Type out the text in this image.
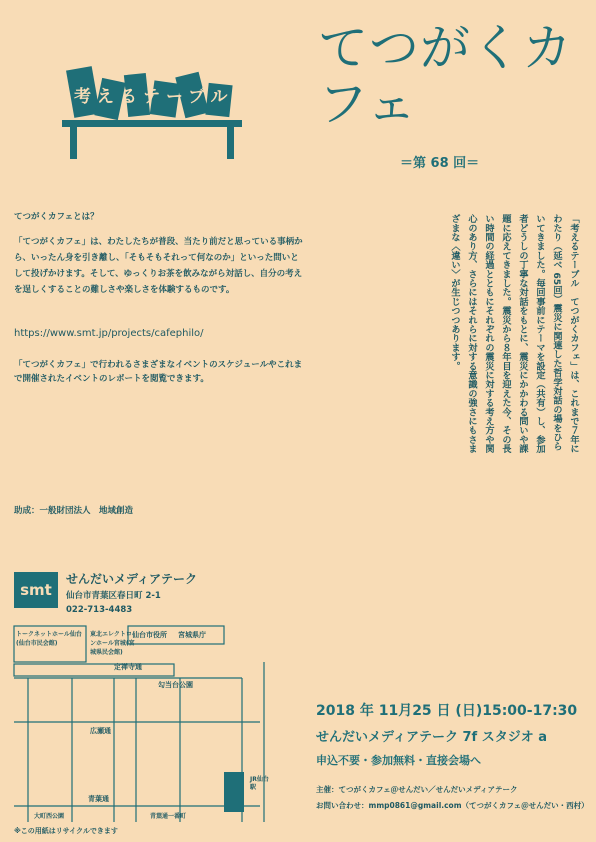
考えるテーブル
てつがくカフェ
＝第 68 回＝
「考えるテーブル　てつがくカフェ」は、これまで７年にわたり（延べ 65回）震災に関連した哲学対話の場をひらいてきました。毎回事前にテーマを設定（共有）し、参加者どうしの丁寧な対話をもとに、震災にかかわる問いや課題に応えてきました。震災から８年目を迎えた今、その長い時間の経過とともにそれぞれの震災に対する考え方や関心のあり方、さらにはそれらに対する意識の強さにもさまざまな〈違い〉が生じつつあります。
てつがくカフェとは？
「てつがくカフェ」は、わたしたちが普段、当たり前だと思っている事柄から、いったん身を引き離し、「そもそもそれって何なのか」といった問いとして投げかけます。そして、ゆっくりお茶を飲みながら対話し、自分の考えを逞しくすることの難しさや楽しさを体験するものです。
https://www.smt.jp/projects/cafephilo/
「てつがくカフェ」で行われるさまざまなイベントのスケジュールやこれまで開催されたイベントのレポートを閲覧できます。
助成：一般財団法人　地域創造
smt
せんだいメディアテーク
仙台市青葉区春日町 2-1
022-713-4483
トークネットホール仙台(仙台市民会館)
東北エレクトロンホール宮城(宮城県民会館)
仙台市役所 宮城県庁
定禅寺通
勾当台公園
広瀬通
青葉通
大町西公園	青葉通一番町
JR仙台駅
※この用紙はリサイクルできます
2018 年 11月25 日 (日)15:00-17:30
せんだいメディアテーク 7f スタジオ a
申込不要・参加無料・直接会場へ
主催：てつがくカフェ＠せんだい／せんだいメディアテーク
お問い合わせ：mmp0861@gmail.com（てつがくカフェ＠せんだい・西村）
